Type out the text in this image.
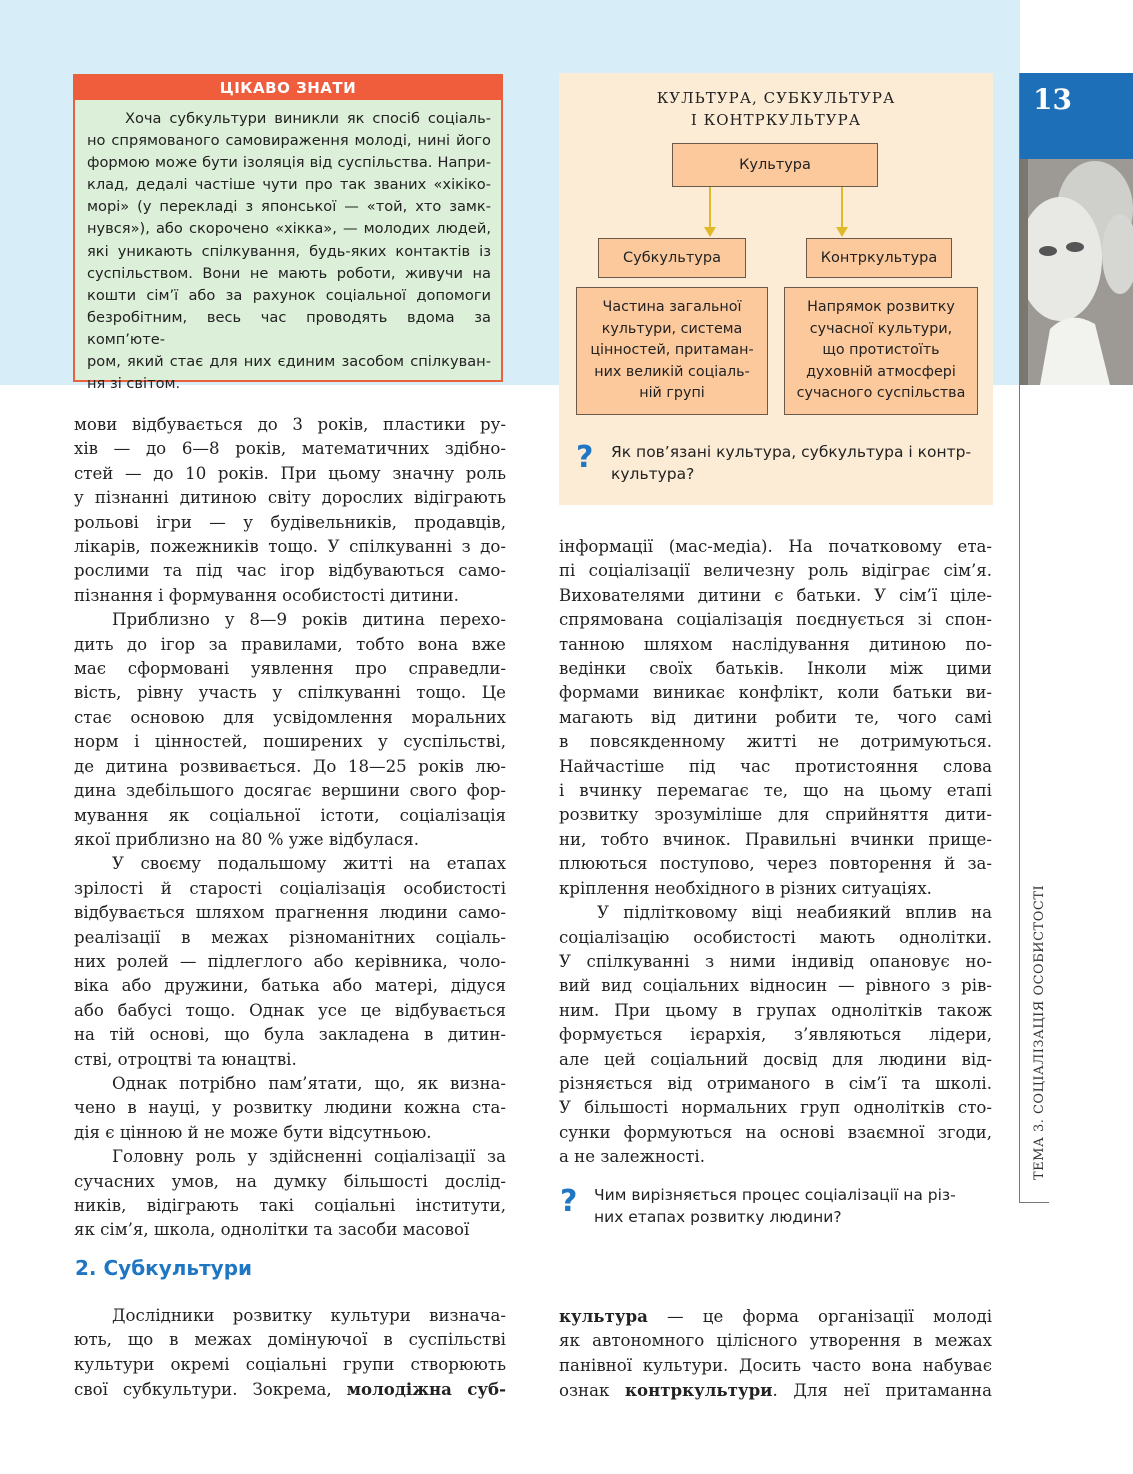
ЦІКАВО ЗНАТИ
Хоча субкультури виникли як спосіб соціаль-
но спрямованого самовираження молоді, нині його
формою може бути ізоляція від суспільства. Напри-
клад, дедалі частіше чути про так званих «хікіко-
морі» (у перекладі з японської — «той, хто замк-
нувся»), або скорочено «хікка», — молодих людей,
які уникають спілкування, будь-яких контактів із
суспільством. Вони не мають роботи, живучи на
кошти сім’ї або за рахунок соціальної допомоги
безробітним, весь час проводять вдома за комп’юте-
ром, який стає для них єдиним засобом спілкуван-
ня зі світом.
КУЛЬТУРА, СУБКУЛЬТУРА
І КОНТРКУЛЬТУРА
Культура
Субкультура	Контркультура
Частина загальної
культури, система
цінностей, притаман-
них великій соціаль-
ній групі
Напрямок розвитку
сучасної культури,
що протистоїть
духовній атмосфері
сучасного суспільства
? Як пов’язані культура, субкультура і контр-
культура?
13
ТЕМА 3. СОЦІАЛІЗАЦІЯ ОСОБИСТОСТІ
мови відбувається до 3 років, пластики ру-
хів — до 6—8 років, математичних здібно-
стей — до 10 років. При цьому значну роль
у пізнанні дитиною світу дорослих відіграють
рольові ігри — у будівельників, продавців,
лікарів, пожежників тощо. У спілкуванні з до-
рослими та під час ігор відбуваються само-
пізнання і формування особистості дитини.
Приблизно у 8—9 років дитина перехо-
дить до ігор за правилами, тобто вона вже
має сформовані уявлення про справедли-
вість, рівну участь у спілкуванні тощо. Це
стає основою для усвідомлення моральних
норм і цінностей, поширених у суспільстві,
де дитина розвивається. До 18—25 років лю-
дина здебільшого досягає вершини свого фор-
мування як соціальної істоти, соціалізація
якої приблизно на 80 % уже відбулася.
У своєму подальшому житті на етапах
зрілості й старості соціалізація особистості
відбувається шляхом прагнення людини само-
реалізації в межах різноманітних соціаль-
них ролей — підлеглого або керівника, чоло-
віка або дружини, батька або матері, дідуся
або бабусі тощо. Однак усе це відбувається
на тій основі, що була закладена в дитин-
стві, отроцтві та юнацтві.
Однак потрібно пам’ятати, що, як визна-
чено в науці, у розвитку людини кожна ста-
дія є цінною й не може бути відсутньою.
Головну роль у здійсненні соціалізації за
сучасних умов, на думку більшості дослід-
ників, відіграють такі соціальні інститути,
як сім’я, школа, однолітки та засоби масової
інформації (мас-медіа). На початковому ета-
пі соціалізації величезну роль відіграє сім’я.
Вихователями дитини є батьки. У сім’ї ціле-
спрямована соціалізація поєднується зі спон-
танною шляхом наслідування дитиною по-
ведінки своїх батьків. Інколи між цими
формами виникає конфлікт, коли батьки ви-
магають від дитини робити те, чого самі
в повсякденному житті не дотримуються.
Найчастіше під час протистояння слова
і вчинку перемагає те, що на цьому етапі
розвитку зрозуміліше для сприйняття дити-
ни, тобто вчинок. Правильні вчинки прище-
плюються поступово, через повторення й за-
кріплення необхідного в різних ситуаціях.
У підлітковому віці неабиякий вплив на
соціалізацію особистості мають однолітки.
У спілкуванні з ними індивід опановує но-
вий вид соціальних відносин — рівного з рів-
ним. При цьому в групах однолітків також
формується ієрархія, з’являються лідери,
але цей соціальний досвід для людини від-
різняється від отриманого в сім’ї та школі.
У більшості нормальних груп однолітків сто-
сунки формуються на основі взаємної згоди,
а не залежності.
? Чим вирізняється процес соціалізації на різ-
них етапах розвитку людини?
2. Субкультури
Дослідники розвитку культури визнача-
ють, що в межах домінуючої в суспільстві
культури окремі соціальні групи створюють
свої субкультури. Зокрема, молодіжна суб-
культура — це форма організації молоді
як автономного цілісного утворення в межах
панівної культури. Досить часто вона набуває
ознак контркультури. Для неї притаманна
